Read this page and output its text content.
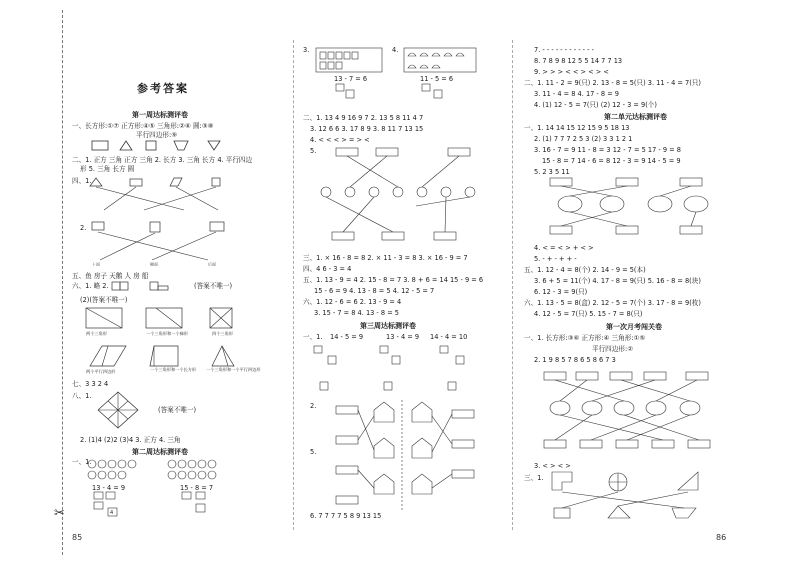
✂
85	86
参考答案
第一周达标测评卷
一、长方形:①⑦ 正方形:④⑤ 三角形:②⑥ 圆:③⑧
平行四边形:⑨
二、1. 正方 三角 正方 三角 2. 长方 3. 三角 长方 4. 平行四边
形 5. 三角 长方 圆
四、1.
2.
上面	侧面	后面
五、鱼 房子 天鹅 人 房 船
六、1. 略 2.	(答案不唯一)
(2)(答案不唯一)
两个三角形	一个三角形和一个梯形	四个三角形
两个平行四边形	一个三角形和一个长方形 一个三角形和一个平行四边形
七、3 3 2 4
八、1.
(答案不唯一)
2. (1)4 (2)2 (3)4 3. 正方 4. 三角
第二周达标测评卷
一、1.
13 - 4 = 9	15 - 8 = 7
4
3.	4.
13 - 7 = 6	11 - 5 = 6
二、1. 13 4 9 16 9 7 2. 13 5 8 11 4 7
3. 12 6 6 3. 17 8 9 3. 8 11 7 13 15
4. < < < > = > <
5.
三、1. × 16 - 8 = 8 2. × 11 - 3 = 8 3. × 16 - 9 = 7
四、4 6 - 3 = 4
五、1. 13 - 9 = 4 2. 15 - 8 = 7 3. 8 + 6 = 14 15 - 9 = 6
15 - 6 = 9 4. 13 - 8 = 5 4. 12 - 5 = 7
六、1. 12 - 6 = 6 2. 13 - 9 = 4
3. 15 - 7 = 8 4. 13 - 8 = 5
第三周达标测评卷
一、1. 14 - 5 = 9	13 - 4 = 9 14 - 4 = 10
2.
5.
6. 7 7 7 7 5 8 9 13 15
7. - - - - - - - - - - - -
8. 7 8 9 8 12 5 5 14 7 7 13
9. > > > < < > < > <
二、1. 11 - 2 = 9(只) 2. 13 - 8 = 5(只) 3. 11 - 4 = 7(只)
3. 11 - 4 = 8 4. 17 - 8 = 9
4. (1) 12 - 5 = 7(只) (2) 12 - 3 = 9(个)
第二单元达标测评卷
一、1. 14 14 15 12 15 9 5 18 13
2. (1) 7 7 7 2 5 3 (2) 3 3 1 2 1
3. 16 - 7 = 9 11 - 8 = 3 12 - 7 = 5 17 - 9 = 8
15 - 8 = 7 14 - 6 = 8 12 - 3 = 9 14 - 5 = 9
5. 2 3 5 11
4. < = < > + < >
5. - + - + + -
五、1. 12 - 4 = 8(个) 2. 14 - 9 = 5(本)
3. 6 + 5 = 11(个) 4. 17 - 8 = 9(只) 5. 16 - 8 = 8(块)
6. 12 - 3 = 9(只)
六、1. 13 - 5 = 8(盒) 2. 12 - 5 = 7(个) 3. 17 - 8 = 9(枚)
4. 12 - 5 = 7(只) 5. 15 - 7 = 8(只)
第一次月考闯关卷
一、1. 长方形:③⑥ 正方形:④ 三角形:①⑤
平行四边形:②
2. 1 9 8 5 7 8 6 5 8 6 7 3
3. < > < >
三、1.
